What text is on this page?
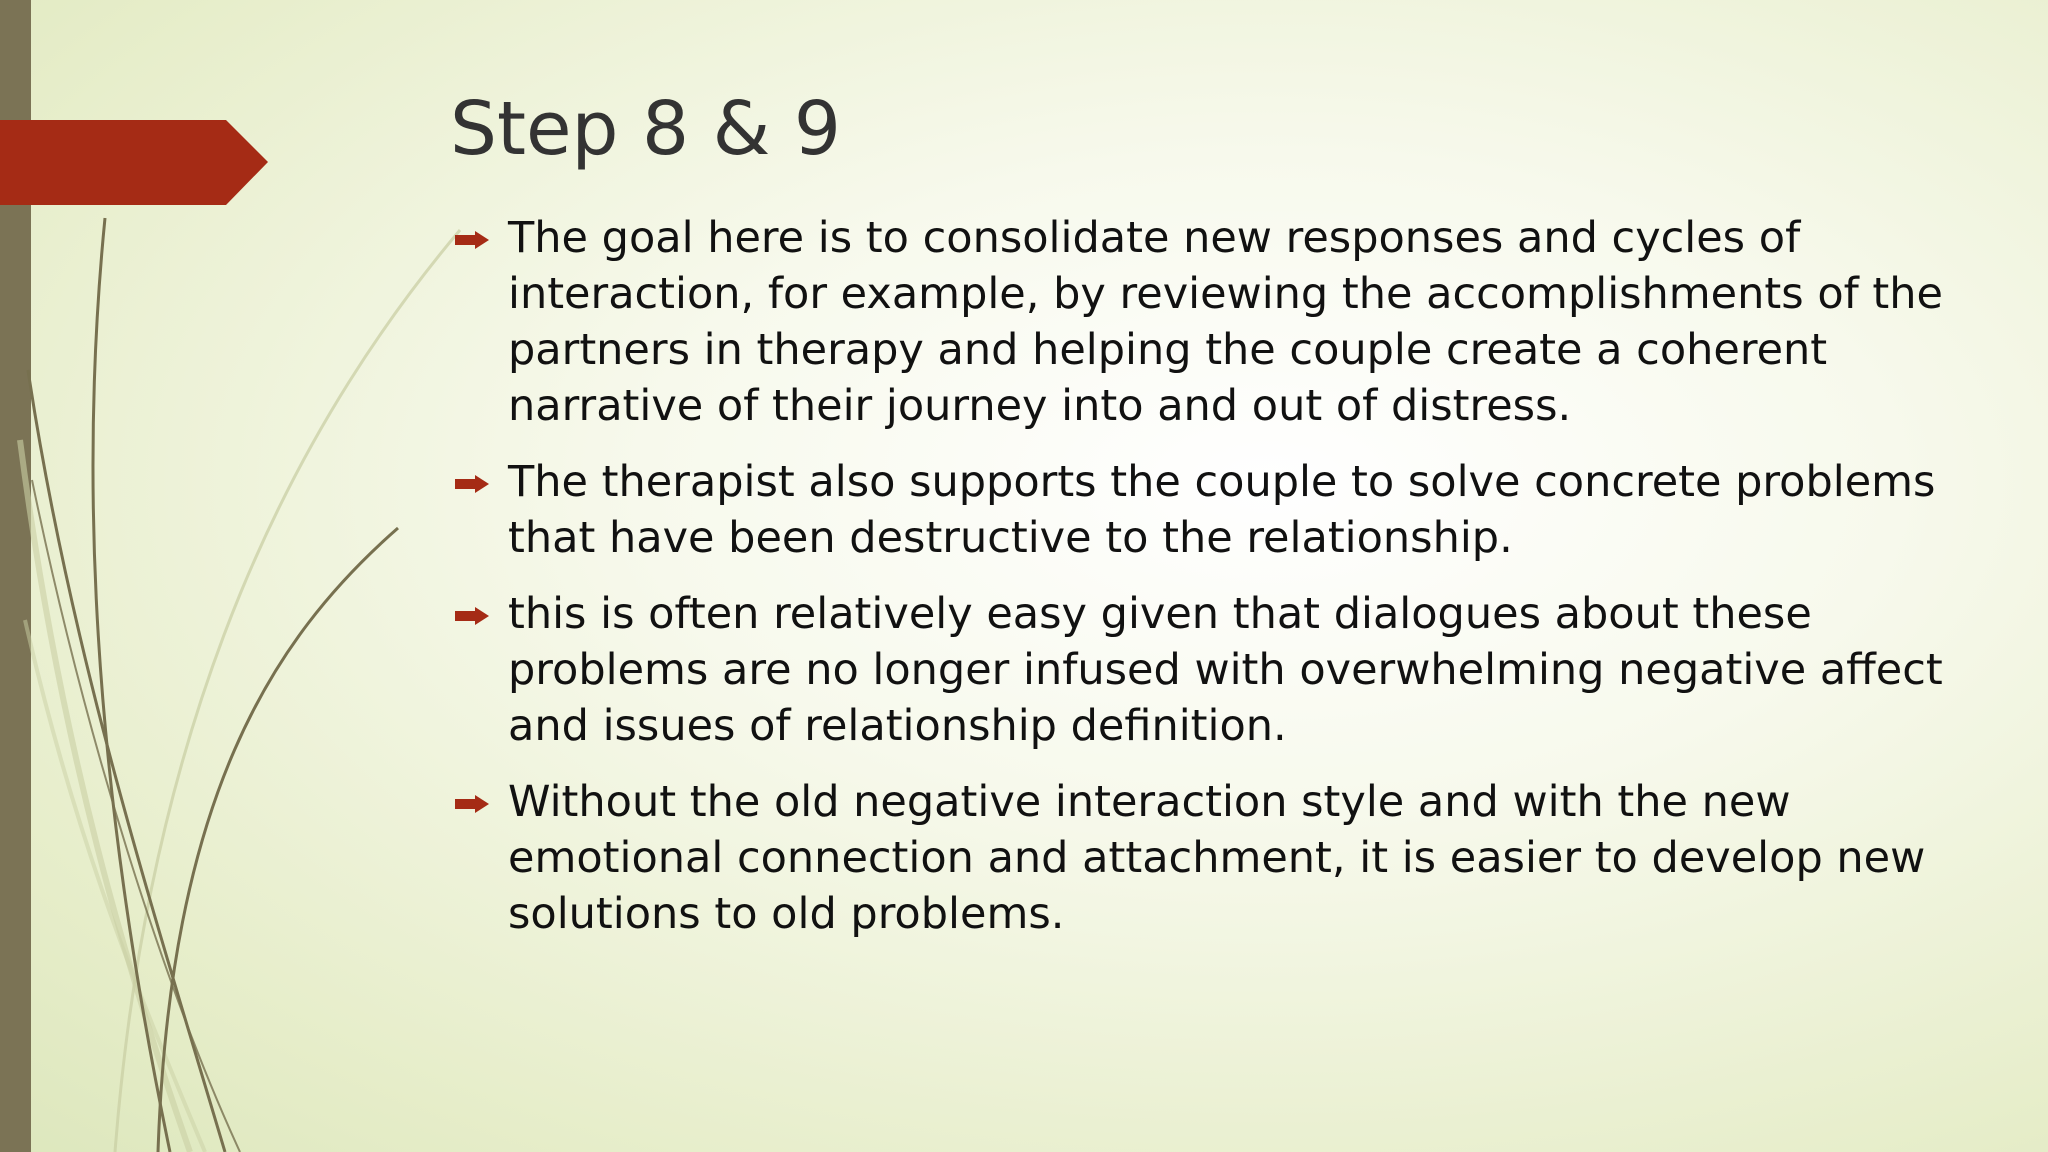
Step 8 & 9
The goal here is to consolidate new responses and cycles of interaction, for example, by reviewing the accomplishments of the partners in therapy and helping the couple create a coherent narrative of their journey into and out of distress.
The therapist also supports the couple to solve concrete problems that have been destructive to the relationship.
this is often relatively easy given that dialogues about these problems are no longer infused with overwhelming negative affect and issues of relationship definition.
Without the old negative interaction style and with the new emotional connection and attachment, it is easier to develop new solutions to old problems.
